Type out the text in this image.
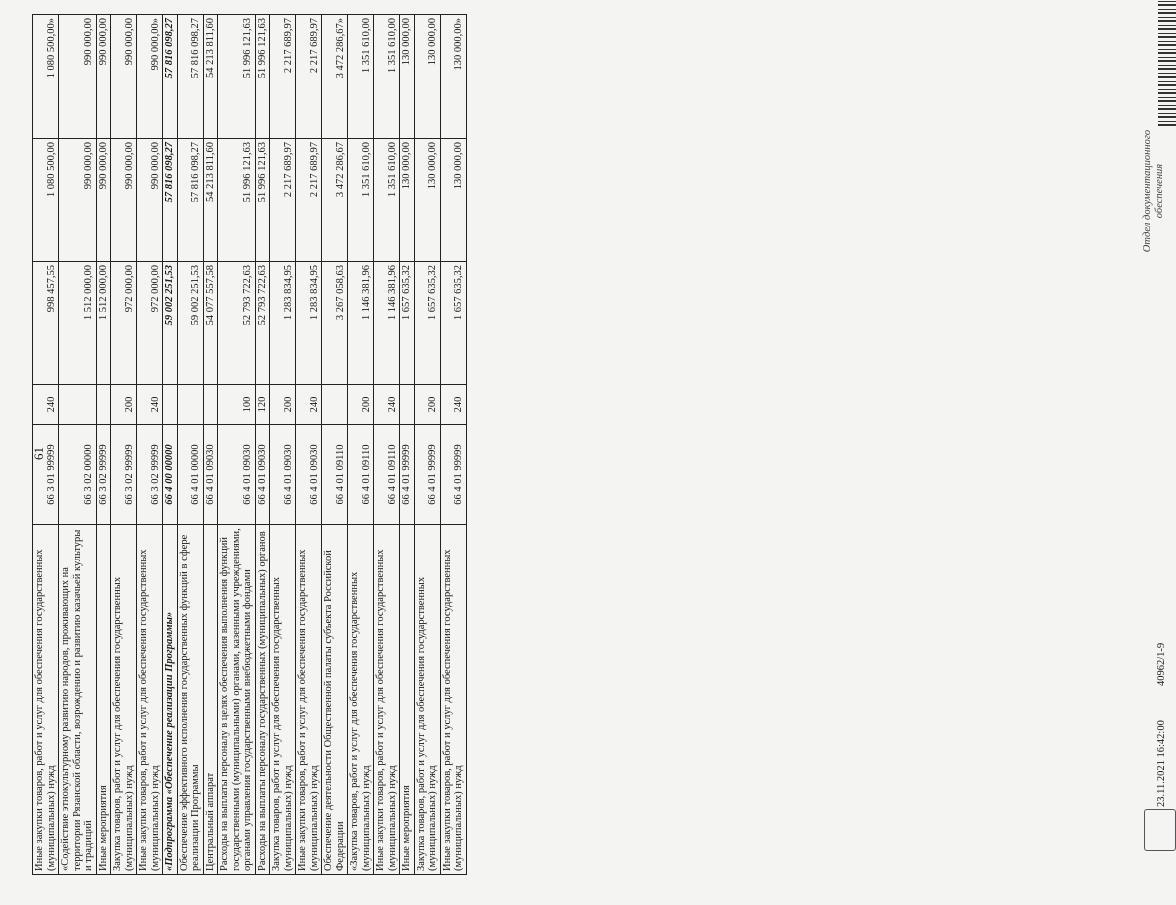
61
Иные закупки товаров, работ и услуг для обеспечения государственных (муниципальных) нужд	66 3 01 99999	240	998 457,55	1 080 500,00	1 080 500,00»
«Содействие этнокультурному развитию народов, проживающих на территории Рязанской области, возрождению и развитию казачьей культуры и традиций	66 3 02 00000		1 512 000,00	990 000,00	990 000,00
Иные мероприятия	66 3 02 99999		1 512 000,00	990 000,00	990 000,00
Закупка товаров, работ и услуг для обеспечения государственных (муниципальных) нужд	66 3 02 99999	200	972 000,00	990 000,00	990 000,00
Иные закупки товаров, работ и услуг для обеспечения государственных (муниципальных) нужд	66 3 02 99999	240	972 000,00	990 000,00	990 000,00»
«Подпрограмма «Обеспечение реализации Программы»	66 4 00 00000		59 002 251,53	57 816 098,27	57 816 098,27
Обеспечение эффективного исполнения государственных функций в сфере реализации Программы	66 4 01 00000		59 002 251,53	57 816 098,27	57 816 098,27
Центральный аппарат	66 4 01 09030		54 077 557,58	54 213 811,60	54 213 811,60
Расходы на выплаты персоналу в целях обеспечения выполнения функций государственными (муниципальными) органами, казенными учреждениями, органами управления государственными внебюджетными фондами	66 4 01 09030	100	52 793 722,63	51 996 121,63	51 996 121,63
Расходы на выплаты персоналу государственных (муниципальных) органов	66 4 01 09030	120	52 793 722,63	51 996 121,63	51 996 121,63
Закупка товаров, работ и услуг для обеспечения государственных (муниципальных) нужд	66 4 01 09030	200	1 283 834,95	2 217 689,97	2 217 689,97
Иные закупки товаров, работ и услуг для обеспечения государственных (муниципальных) нужд	66 4 01 09030	240	1 283 834,95	2 217 689,97	2 217 689,97
Обеспечение деятельности Общественной палаты субъекта Российской Федерации	66 4 01 09110		3 267 058,63	3 472 286,67	3 472 286,67»
«Закупка товаров, работ и услуг для обеспечения государственных (муниципальных) нужд	66 4 01 09110	200	1 146 381,96	1 351 610,00	1 351 610,00
Иные закупки товаров, работ и услуг для обеспечения государственных (муниципальных) нужд	66 4 01 09110	240	1 146 381,96	1 351 610,00	1 351 610,00
Иные мероприятия	66 4 01 99999		1 657 635,32	130 000,00	130 000,00
Закупка товаров, работ и услуг для обеспечения государственных (муниципальных) нужд	66 4 01 99999	200	1 657 635,32	130 000,00	130 000,00
Иные закупки товаров, работ и услуг для обеспечения государственных (муниципальных) нужд	66 4 01 99999	240	1 657 635,32	130 000,00	130 000,00»
23.11.2021 16:42:00
40962/1-9
Отдел документационного обеспечения
